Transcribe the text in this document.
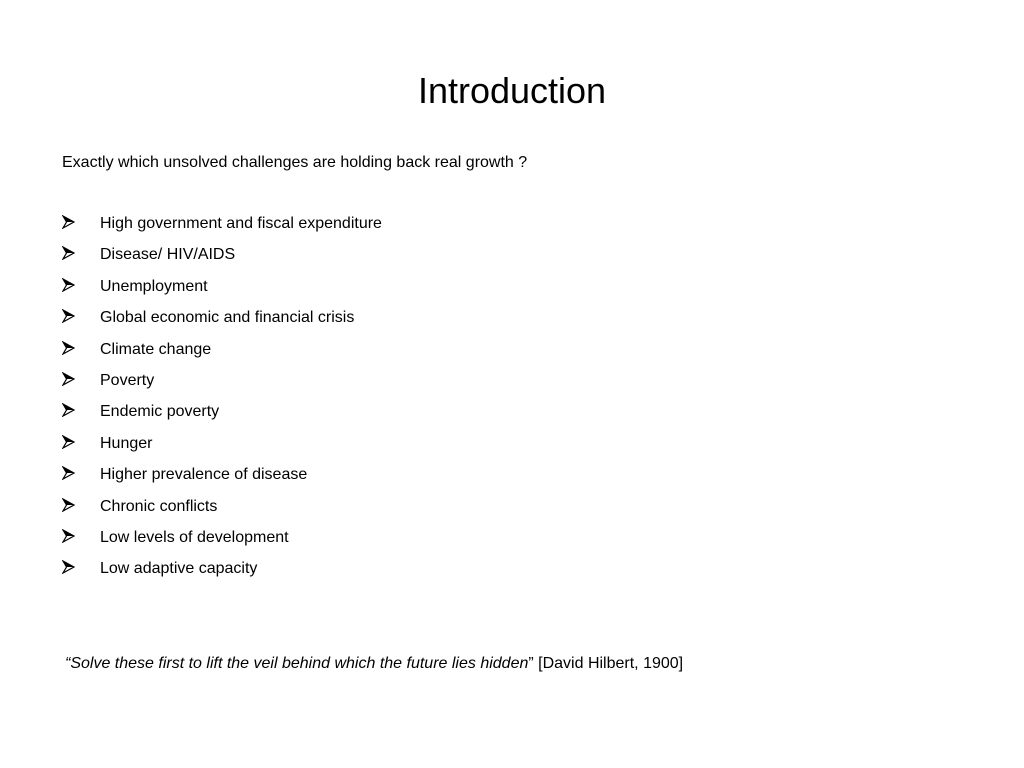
Introduction
Exactly which unsolved challenges are holding back real growth ?
High government and fiscal expenditure
Disease/ HIV/AIDS
Unemployment
Global economic and financial crisis
Climate change
Poverty
Endemic poverty
Hunger
Higher prevalence of disease
Chronic conflicts
Low levels of development
Low adaptive capacity
“Solve these first to lift the veil behind which the future lies hidden” [David Hilbert, 1900]
